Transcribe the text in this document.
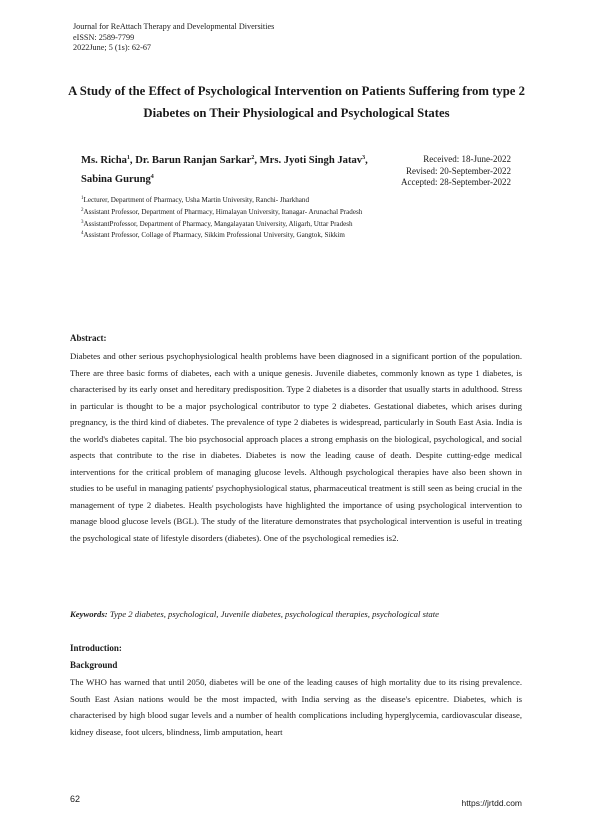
Journal for ReAttach Therapy and Developmental Diversities
eISSN: 2589-7799
2022June; 5 (1s): 62-67
A Study of the Effect of Psychological Intervention on Patients Suffering from type 2 Diabetes on Their Physiological and Psychological States
Ms. Richa$^1$, Dr. Barun Ranjan Sarkar$^2$, Mrs. Jyoti Singh Jatav$^3$, Sabina Gurung$^4$
Received: 18-June-2022
Revised: 20-September-2022
Accepted: 28-September-2022
$^1$Lecturer, Department of Pharmacy, Usha Martin University, Ranchi- Jharkhand
$^2$Assistant Professor, Department of Pharmacy, Himalayan University, Itanagar- Arunachal Pradesh
$^3$AssistantProfessor, Department of Pharmacy, Mangalayatan University, Aligarh, Uttar Pradesh
$^4$Assistant Professor, Collage of Pharmacy, Sikkim Professional University, Gangtok, Sikkim
Abstract:

Diabetes and other serious psychophysiological health problems have been diagnosed in a significant portion of the population. There are three basic forms of diabetes, each with a unique genesis. Juvenile diabetes, commonly known as type 1 diabetes, is characterised by its early onset and hereditary predisposition. Type 2 diabetes is a disorder that usually starts in adulthood. Stress in particular is thought to be a major psychological contributor to type 2 diabetes. Gestational diabetes, which arises during pregnancy, is the third kind of diabetes. The prevalence of type 2 diabetes is widespread, particularly in South East Asia. India is the world's diabetes capital. The bio psychosocial approach places a strong emphasis on the biological, psychological, and social aspects that contribute to the rise in diabetes. Diabetes is now the leading cause of death. Despite cutting-edge medical interventions for the critical problem of managing glucose levels. Although psychological therapies have also been shown in studies to be useful in managing patients' psychophysiological status, pharmaceutical treatment is still seen as being crucial in the management of type 2 diabetes. Health psychologists have highlighted the importance of using psychological intervention to manage blood glucose levels (BGL). The study of the literature demonstrates that psychological intervention is useful in treating the psychological state of lifestyle disorders (diabetes). One of the psychological remedies is2.

Keywords: Type 2 diabetes, psychological, Juvenile diabetes, psychological therapies, psychological state
Introduction:
Background

The WHO has warned that until 2050, diabetes will be one of the leading causes of high mortality due to its rising prevalence. South East Asian nations would be the most impacted, with India serving as the disease's epicentre. Diabetes, which is characterised by high blood sugar levels and a number of health complications including hyperglycemia, cardiovascular disease, kidney disease, foot ulcers, blindness, limb amputation, heart

62	https://jrtdd.com
